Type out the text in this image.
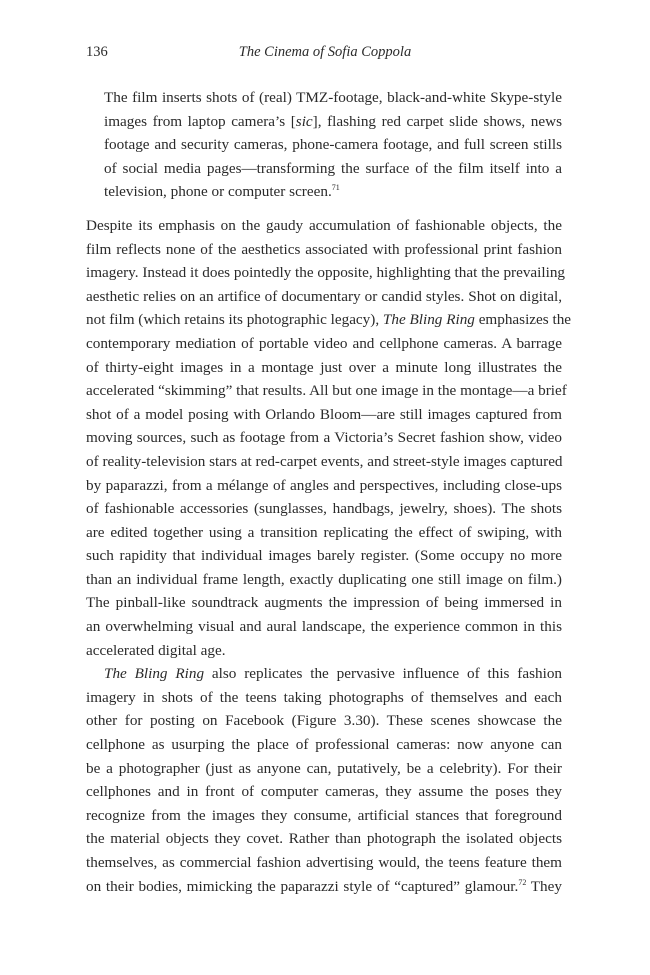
136	The Cinema of Sofia Coppola
The film inserts shots of (real) TMZ-footage, black-and-white Skype-style
images from laptop camera’s [sic], flashing red carpet slide shows, news
footage and security cameras, phone-camera footage, and full screen stills
of social media pages—transforming the surface of the film itself into a
television, phone or computer screen.$^{71}$
Despite its emphasis on the gaudy accumulation of fashionable objects, the
film reflects none of the aesthetics associated with professional print fashion
imagery. Instead it does pointedly the opposite, highlighting that the prevailing
aesthetic relies on an artifice of documentary or candid styles. Shot on digital,
not film (which retains its photographic legacy), The Bling Ring emphasizes the
contemporary mediation of portable video and cellphone cameras. A barrage
of thirty-eight images in a montage just over a minute long illustrates the
accelerated “skimming” that results. All but one image in the montage—a brief
shot of a model posing with Orlando Bloom—are still images captured from
moving sources, such as footage from a Victoria’s Secret fashion show, video
of reality-television stars at red-carpet events, and street-style images captured
by paparazzi, from a mélange of angles and perspectives, including close-ups
of fashionable accessories (sunglasses, handbags, jewelry, shoes). The shots
are edited together using a transition replicating the effect of swiping, with
such rapidity that individual images barely register. (Some occupy no more
than an individual frame length, exactly duplicating one still image on film.)
The pinball-like soundtrack augments the impression of being immersed in
an overwhelming visual and aural landscape, the experience common in this
accelerated digital age.
The Bling Ring also replicates the pervasive influence of this fashion
imagery in shots of the teens taking photographs of themselves and each
other for posting on Facebook (Figure 3.30). These scenes showcase the
cellphone as usurping the place of professional cameras: now anyone can
be a photographer (just as anyone can, putatively, be a celebrity). For their
cellphones and in front of computer cameras, they assume the poses they
recognize from the images they consume, artificial stances that foreground
the material objects they covet. Rather than photograph the isolated objects
themselves, as commercial fashion advertising would, the teens feature them
on their bodies, mimicking the paparazzi style of “captured” glamour.$^{72}$ They
